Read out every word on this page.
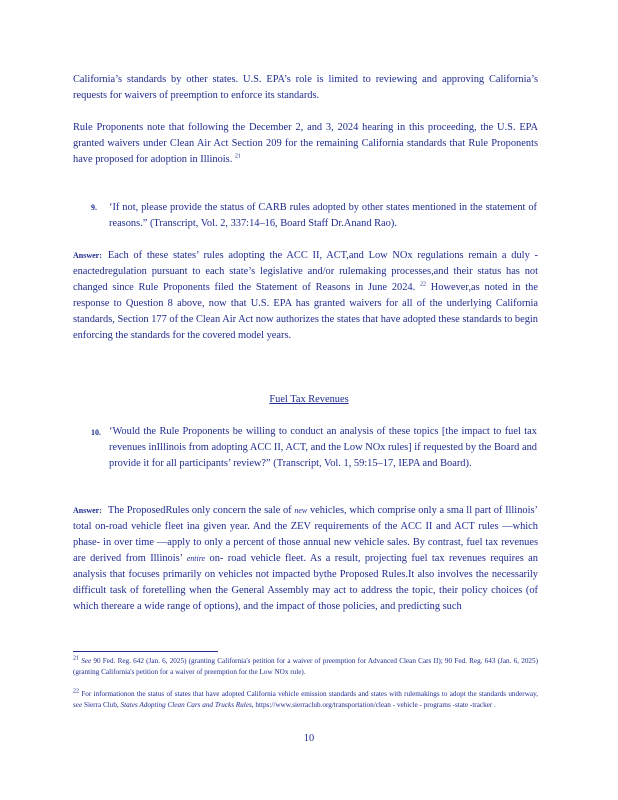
California’s standards by other states. U.S. EPA’s role is limited to reviewing and approving California’s requests for waivers of preemption to enforce its standards.

Rule Proponents note that following the December 2, and 3, 2024 hearing in this proceeding, the U.S. EPA granted waivers under Clean Air Act Section 209 for the remaining California standards that Rule Proponents have proposed for adoption in Illinois. $^{21}$

9. ‘If not, please provide the status of CARB rules adopted by other states mentioned in the statement of reasons.” (Transcript, Vol. 2, 337:14–16, Board Staff Dr.Anand Rao).

Answer: Each of these states’ rules adopting the ACC II, ACT,and Low NOx regulations remain a duly -enactedregulation pursuant to each state’s legislative and/or rulemaking processes,and their status has not changed since Rule Proponents filed the Statement of Reasons in June 2024. $^{22}$ However,as noted in the response to Question 8 above, now that U.S. EPA has granted waivers for all of the underlying California standards, Section 177 of the Clean Air Act now authorizes the states that have adopted these standards to begin enforcing the standards for the covered model years.

Fuel Tax Revenues
10. ‘Would the Rule Proponents be willing to conduct an analysis of these topics [the impact to fuel tax revenues inIllinois from adopting ACC II, ACT, and the Low NOx rules] if requested by the Board and provide it for all participants’ review?” (Transcript, Vol. 1, 59:15–17, IEPA and Board).

Answer: The ProposedRules only concern the sale of new vehicles, which comprise only a sma ll part of Illinois’ total on-road vehicle fleet ina given year. And the ZEV requirements of the ACC II and ACT rules —which phase- in over time —apply to only a percent of those annual new vehicle sales. By contrast, fuel tax revenues are derived from Illinois’ entire on- road vehicle fleet. As a result, projecting fuel tax revenues requires an analysis that focuses primarily on vehicles not impacted bythe Proposed Rules.It also involves the necessarily difficult task of foretelling when the General Assembly may act to address the topic, their policy choices (of which thereare a wide range of options), and the impact of those policies, and predicting such

$^{21}$ See 90 Fed. Reg. 642 (Jan. 6, 2025) (granting California's petition for a waiver of preemption for Advanced Clean Cars II); 90 Fed. Reg. 643 (Jan. 6, 2025) (granting California's petition for a waiver of preemption for the Low NOx rule).

$^{22}$ For informationon the status of states that have adopted California vehicle emission standards and states with rulemakings to adopt the standards underway, see Sierra Club, States Adopting Clean Cars and Trucks Rules, https://www.sierraclub.org/transportation/clean - vehicle - programs -state -tracker .

10
